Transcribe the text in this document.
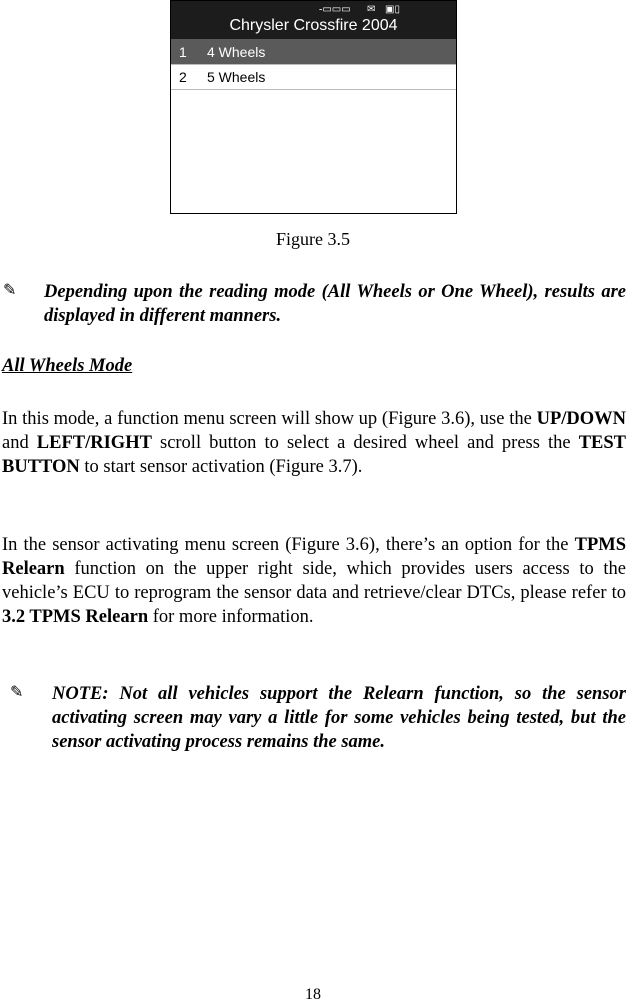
-▭▭▭ ✉ ▣▯
Chrysler Crossfire 2004
1	4 Wheels
2	5 Wheels
Figure 3.5
✎ Depending upon the reading mode (All Wheels or One Wheel), results are displayed in different manners.

All Wheels Mode

In this mode, a function menu screen will show up (Figure 3.6), use the UP/DOWN and LEFT/RIGHT scroll button to select a desired wheel and press the TEST BUTTON to start sensor activation (Figure 3.7).

In the sensor activating menu screen (Figure 3.6), there’s an option for the TPMS Relearn function on the upper right side, which provides users access to the vehicle’s ECU to reprogram the sensor data and retrieve/clear DTCs, please refer to 3.2 TPMS Relearn for more information.

✎ NOTE: Not all vehicles support the Relearn function, so the sensor activating screen may vary a little for some vehicles being tested, but the sensor activating process remains the same.

18
